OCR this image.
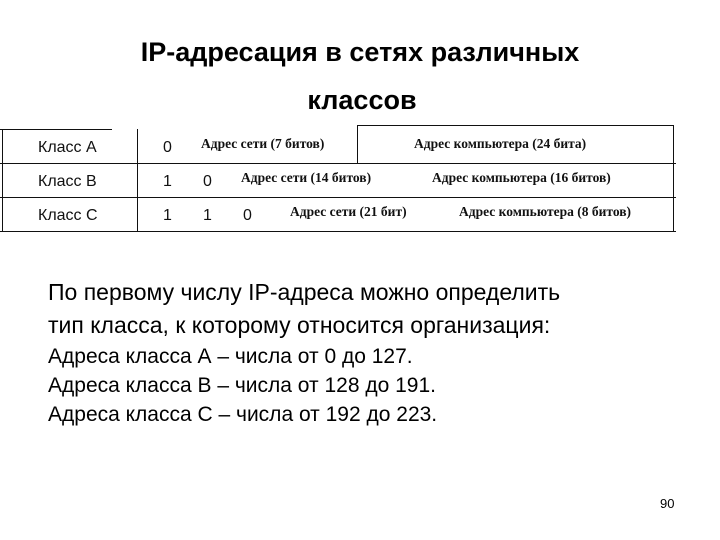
IP-адресация в сетях различных
классов
Класс А	0 Адрес сети (7 битов)	Адрес компьютера (24 бита)
Класс В	1 0 Адрес сети (14 битов)	Адрес компьютера (16 битов)
Класс С	1 1 0	Адрес сети (21 бит)	Адрес компьютера (8 битов)
По первому числу IP-адреса можно определить
тип класса, к которому относится организация:
Адреса класса А – числа от 0 до 127.
Адреса класса В – числа от 128 до 191.
Адреса класса С – числа от 192 до 223.
90
